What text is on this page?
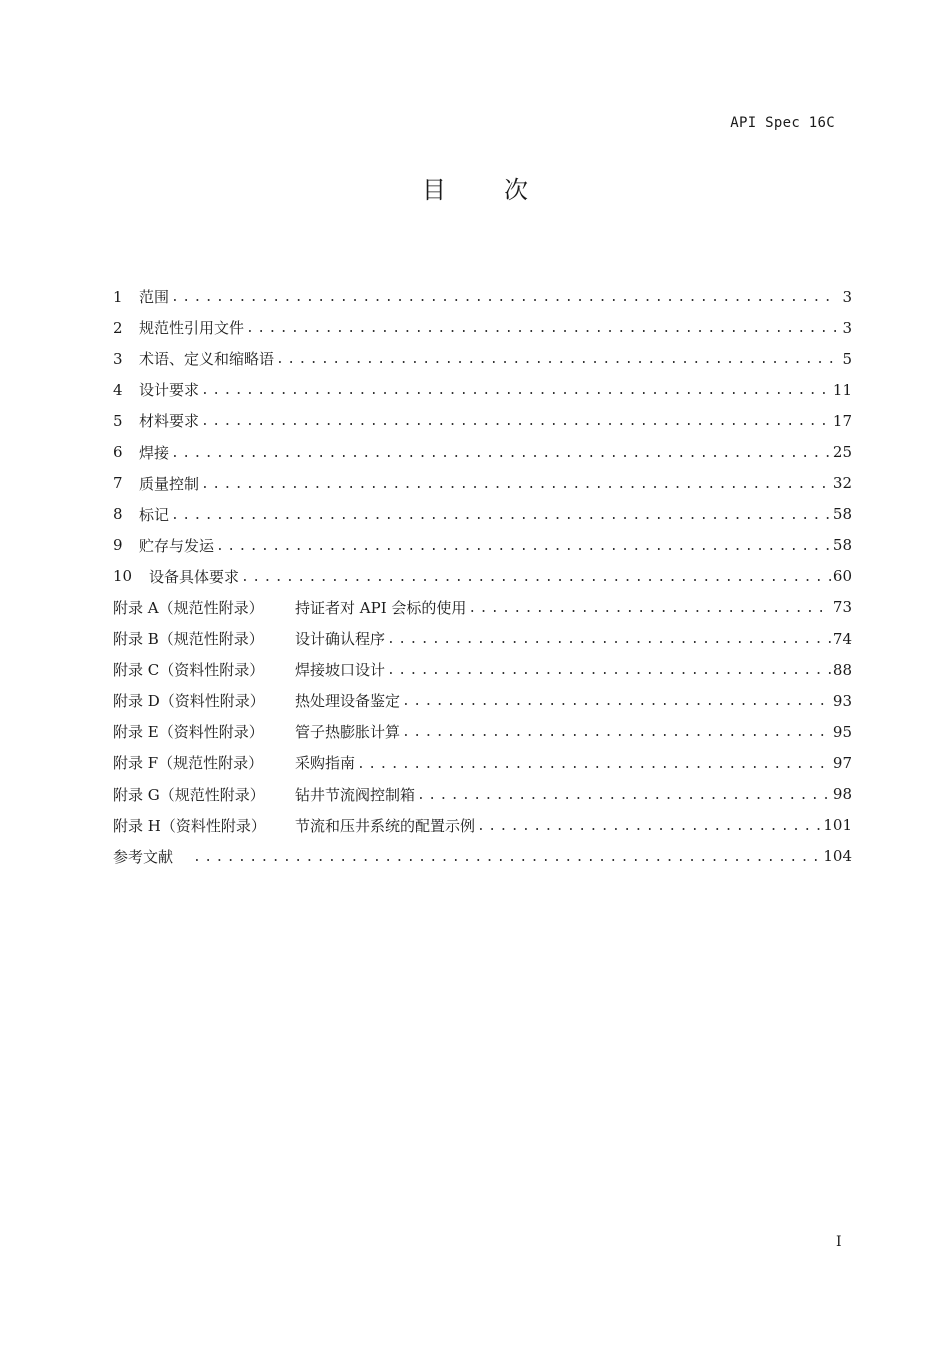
API Spec 16C
目次
1	范围 . . .	3
2	规范性引用文件 . . .	3
3	术语、定义和缩略语 . . .	5
4	设计要求 . . .	11
5	材料要求 . . .	17
6	焊接 . . .	25
7	质量控制 . . .	32
8	标记 . . .	58
9	贮存与发运 . . .	58
10	设备具体要求 . . .	60
附录 A（规范性附录）	持证者对 API 会标的使用 . . .	73
附录 B（规范性附录）	设计确认程序 . . .	74
附录 C（资料性附录）	焊接坡口设计 . . .	88
附录 D（资料性附录）	热处理设备鉴定 . . .	93
附录 E（资料性附录）	管子热膨胀计算 . . .	95
附录 F（规范性附录）	采购指南 . . .	97
附录 G（规范性附录）	钻井节流阀控制箱 . . .	98
附录 H（资料性附录）	节流和压井系统的配置示例 . . .	101
参考文献 . . .	104
I
